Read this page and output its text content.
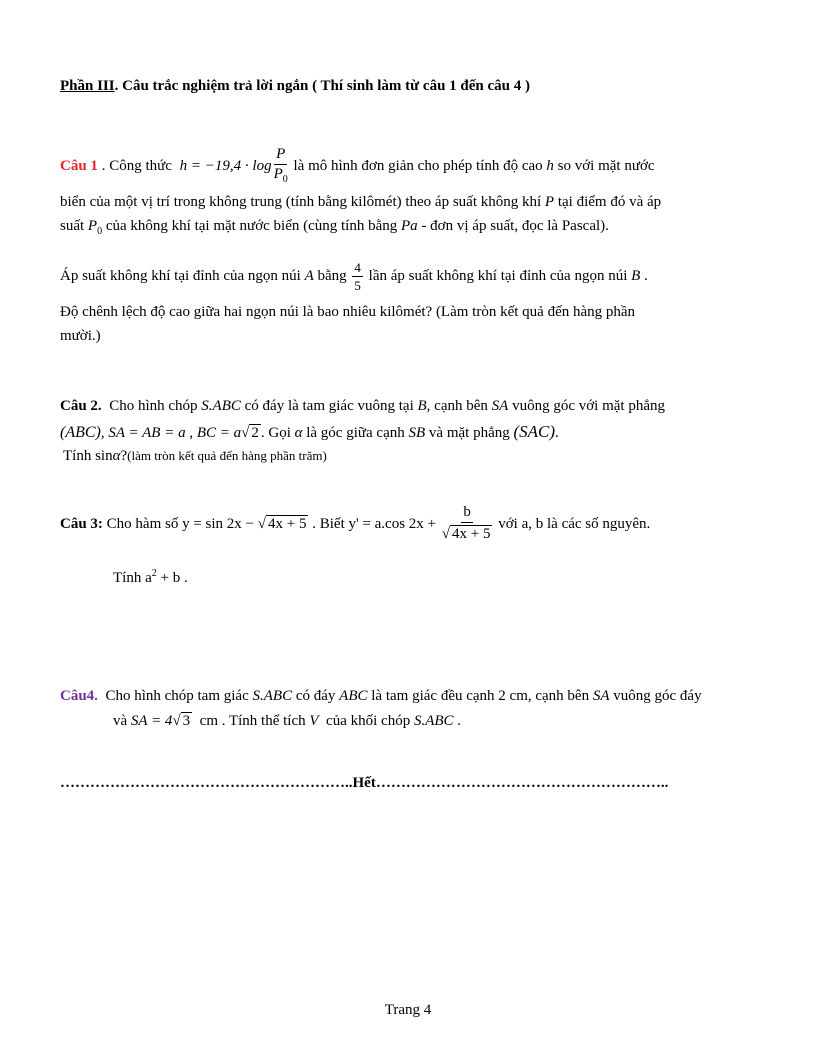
Phần III. Câu trắc nghiệm trả lời ngắn ( Thí sinh làm từ câu 1 đến câu 4 )
Câu 1 . Công thức $h = -19,4 \cdot \log \frac{P}{P_0}$ là mô hình đơn giản cho phép tính độ cao h so với mặt nước
biển của một vị trí trong không trung (tính bằng kilômét) theo áp suất không khí P tại điểm đó và áp
suất $P_0$ của không khí tại mặt nước biển (cùng tính bằng Pa - đơn vị áp suất, đọc là Pascal).
Áp suất không khí tại đỉnh của ngọn núi A bằng $\frac{4}{5}$ lần áp suất không khí tại đỉnh của ngọn núi B .
Độ chênh lệch độ cao giữa hai ngọn núi là bao nhiêu kilômét? (Làm tròn kết quả đến hàng phần
mười.)
Câu 2.  Cho hình chóp S.ABC có đáy là tam giác vuông tại B, cạnh bên SA vuông góc với mặt phẳng
(ABC), SA = AB = a , BC = a√ 2 . Gọi α là góc giữa cạnh SB và mặt phẳng (SAC).
Tính sinα?(làm tròn kết quả đến hàng phần trăm)
Câu 3: Cho hàm số y = sin 2x − √ 4x + 5 . Biết y' = a.cos $2x + \frac{b}{√ 4x + 5}$ với a, b là các số nguyên.
Tính $a^2 + b$ .
Câu4.  Cho hình chóp tam giác S.ABC có đáy ABC là tam giác đều cạnh 2 cm, cạnh bên SA vuông góc đáy
và SA = 4√ 3  cm . Tính thể tích V  của khối chóp S.ABC .
…………………………………………………..Hết…………………………………………………..
Trang 4
